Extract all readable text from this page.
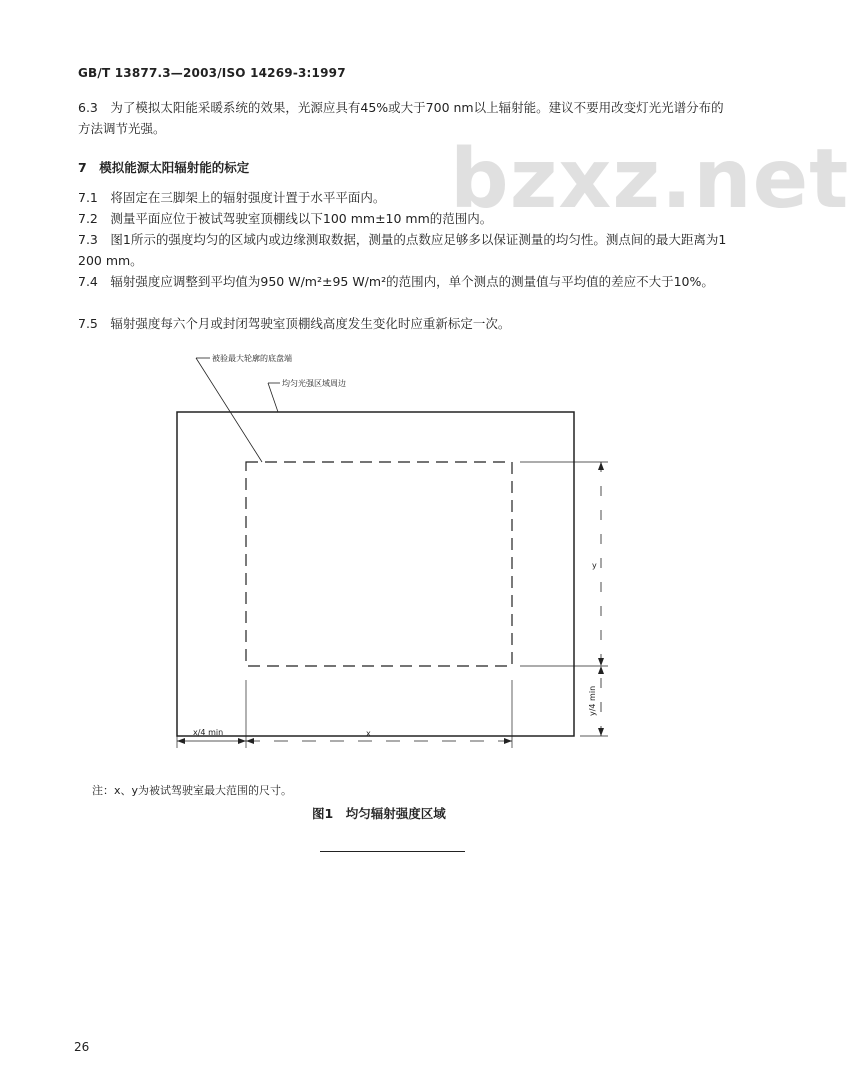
GB/T 13877.3—2003/ISO 14269-3:1997
6.3　为了模拟太阳能采暖系统的效果，光源应具有45%或大于700 nm以上辐射能。建议不要用改变灯光光谱分布的方法调节光强。
bzxz.net
7　模拟能源太阳辐射能的标定
7.1　将固定在三脚架上的辐射强度计置于水平平面内。
7.2　测量平面应位于被试驾驶室顶棚线以下100 mm±10 mm的范围内。
7.3　图1所示的强度均匀的区域内或边缘测取数据，测量的点数应足够多以保证测量的均匀性。测点间的最大距离为1 200 mm。
7.4　辐射强度应调整到平均值为950 W/m²±95 W/m²的范围内，单个测点的测量值与平均值的差应不大于10%。
7.5　辐射强度每六个月或封闭驾驶室顶棚线高度发生变化时应重新标定一次。
被验最大轮廓的底盘端
均匀光强区域周边
x/4 min	x
y
y/4 min
注：x、y为被试驾驶室最大范围的尺寸。
图1　均匀辐射强度区域
26
